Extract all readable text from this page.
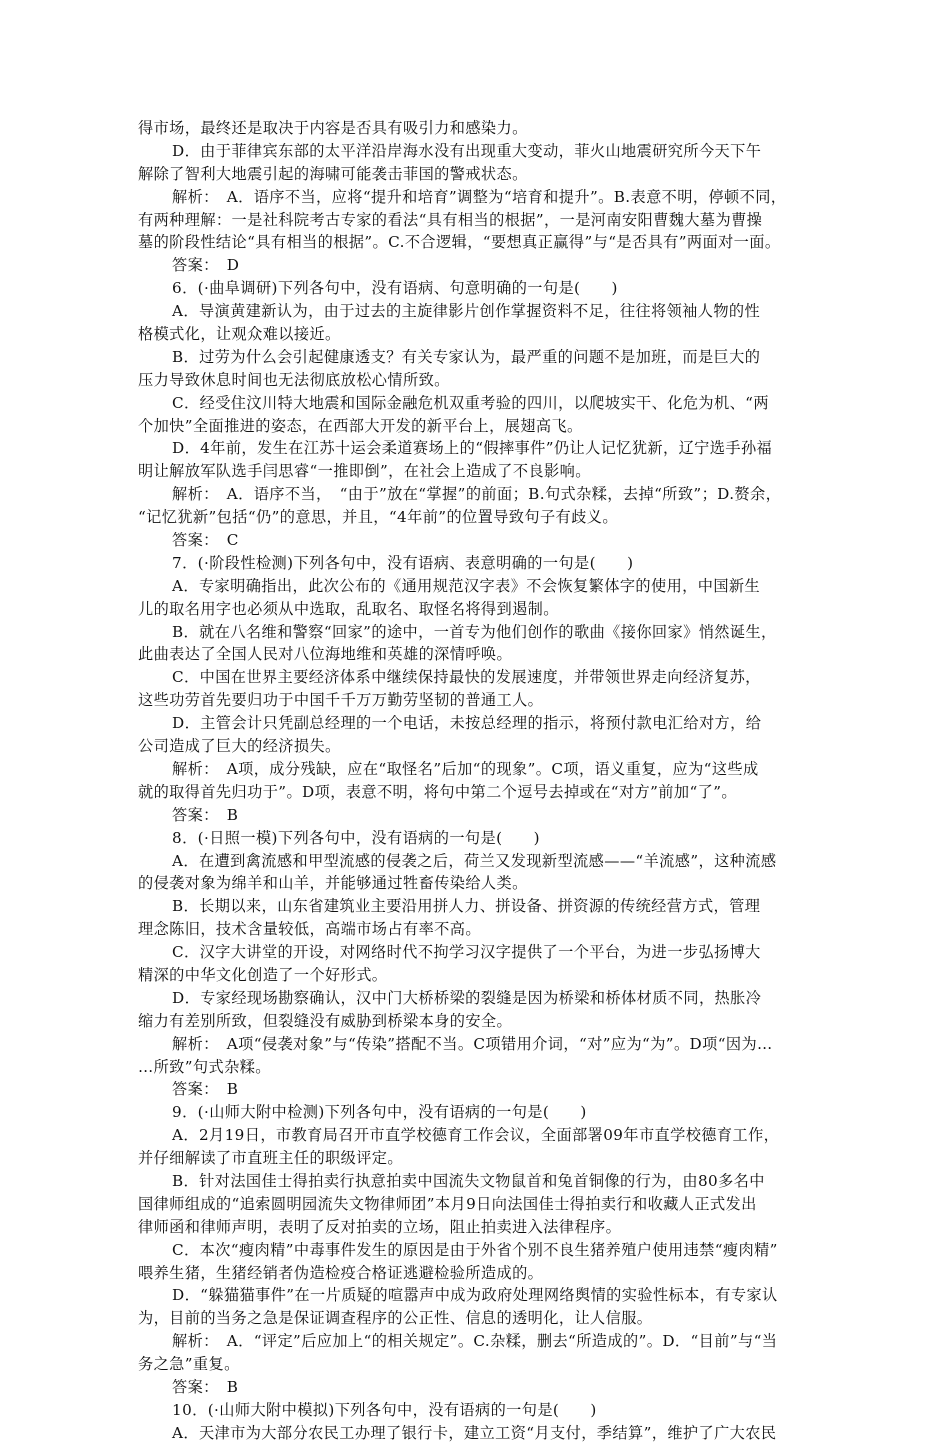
得市场，最终还是取决于内容是否具有吸引力和感染力。
D．由于菲律宾东部的太平洋沿岸海水没有出现重大变动，菲火山地震研究所今天下午
解除了智利大地震引起的海啸可能袭击菲国的警戒状态。
解析：　A．语序不当，应将“提升和培育”调整为“培育和提升”。B.表意不明，停顿不同，
有两种理解：一是社科院考古专家的看法“具有相当的根据”，一是河南安阳曹魏大墓为曹操
墓的阶段性结论“具有相当的根据”。C.不合逻辑，“要想真正赢得”与“是否具有”两面对一面。
答案：　D
6．(·曲阜调研)下列各句中，没有语病、句意明确的一句是(　　)
A．导演黄建新认为，由于过去的主旋律影片创作掌握资料不足，往往将领袖人物的性
格模式化，让观众难以接近。
B．过劳为什么会引起健康透支？有关专家认为，最严重的问题不是加班，而是巨大的
压力导致休息时间也无法彻底放松心情所致。
C．经受住汶川特大地震和国际金融危机双重考验的四川，以爬坡实干、化危为机、“两
个加快”全面推进的姿态，在西部大开发的新平台上，展翅高飞。
D．4年前，发生在江苏十运会柔道赛场上的“假摔事件”仍让人记忆犹新，辽宁选手孙福
明让解放军队选手闫思睿“一推即倒”，在社会上造成了不良影响。
解析：　A．语序不当，　“由于”放在“掌握”的前面；B.句式杂糅，去掉“所致”；D.赘余，
“记忆犹新”包括“仍”的意思，并且，“4年前”的位置导致句子有歧义。
答案：　C
7．(·阶段性检测)下列各句中，没有语病、表意明确的一句是(　　)
A．专家明确指出，此次公布的《通用规范汉字表》不会恢复繁体字的使用，中国新生
儿的取名用字也必须从中选取，乱取名、取怪名将得到遏制。
B．就在八名维和警察“回家”的途中，一首专为他们创作的歌曲《接你回家》悄然诞生，
此曲表达了全国人民对八位海地维和英雄的深情呼唤。
C．中国在世界主要经济体系中继续保持最快的发展速度，并带领世界走向经济复苏，
这些功劳首先要归功于中国千千万万勤劳坚韧的普通工人。
D．主管会计只凭副总经理的一个电话，未按总经理的指示，将预付款电汇给对方，给
公司造成了巨大的经济损失。
解析：　A项，成分残缺，应在“取怪名”后加“的现象”。C项，语义重复，应为“这些成
就的取得首先归功于”。D项，表意不明，将句中第二个逗号去掉或在“对方”前加“了”。
答案：　B
8．(·日照一模)下列各句中，没有语病的一句是(　　)
A．在遭到禽流感和甲型流感的侵袭之后，荷兰又发现新型流感——“羊流感”，这种流感
的侵袭对象为绵羊和山羊，并能够通过牲畜传染给人类。
B．长期以来，山东省建筑业主要沿用拼人力、拼设备、拼资源的传统经营方式，管理
理念陈旧，技术含量较低，高端市场占有率不高。
C．汉字大讲堂的开设，对网络时代不拘学习汉字提供了一个平台，为进一步弘扬博大
精深的中华文化创造了一个好形式。
D．专家经现场勘察确认，汉中门大桥桥梁的裂缝是因为桥梁和桥体材质不同，热胀冷
缩力有差别所致，但裂缝没有威胁到桥梁本身的安全。
解析：　A项“侵袭对象”与“传染”搭配不当。C项错用介词，“对”应为“为”。D项“因为…
…所致”句式杂糅。
答案：　B
9．(·山师大附中检测)下列各句中，没有语病的一句是(　　)
A．2月19日，市教育局召开市直学校德育工作会议，全面部署09年市直学校德育工作，
并仔细解读了市直班主任的职级评定。
B．针对法国佳士得拍卖行执意拍卖中国流失文物鼠首和兔首铜像的行为，由80多名中
国律师组成的“追索圆明园流失文物律师团”本月9日向法国佳士得拍卖行和收藏人正式发出
律师函和律师声明，表明了反对拍卖的立场，阻止拍卖进入法律程序。
C．本次“瘦肉精”中毒事件发生的原因是由于外省个别不良生猪养殖户使用违禁“瘦肉精”
喂养生猪，生猪经销者伪造检疫合格证逃避检验所造成的。
D．“躲猫猫事件”在一片质疑的喧嚣声中成为政府处理网络舆情的实验性标本，有专家认
为，目前的当务之急是保证调查程序的公正性、信息的透明化，让人信服。
解析：　A．“评定”后应加上“的相关规定”。C.杂糅，删去“所造成的”。D．“目前”与“当
务之急”重复。
答案：　B
10．(·山师大附中模拟)下列各句中，没有语病的一句是(　　)
A．天津市为大部分农民工办理了银行卡，建立工资“月支付，季结算”，维护了广大农民
